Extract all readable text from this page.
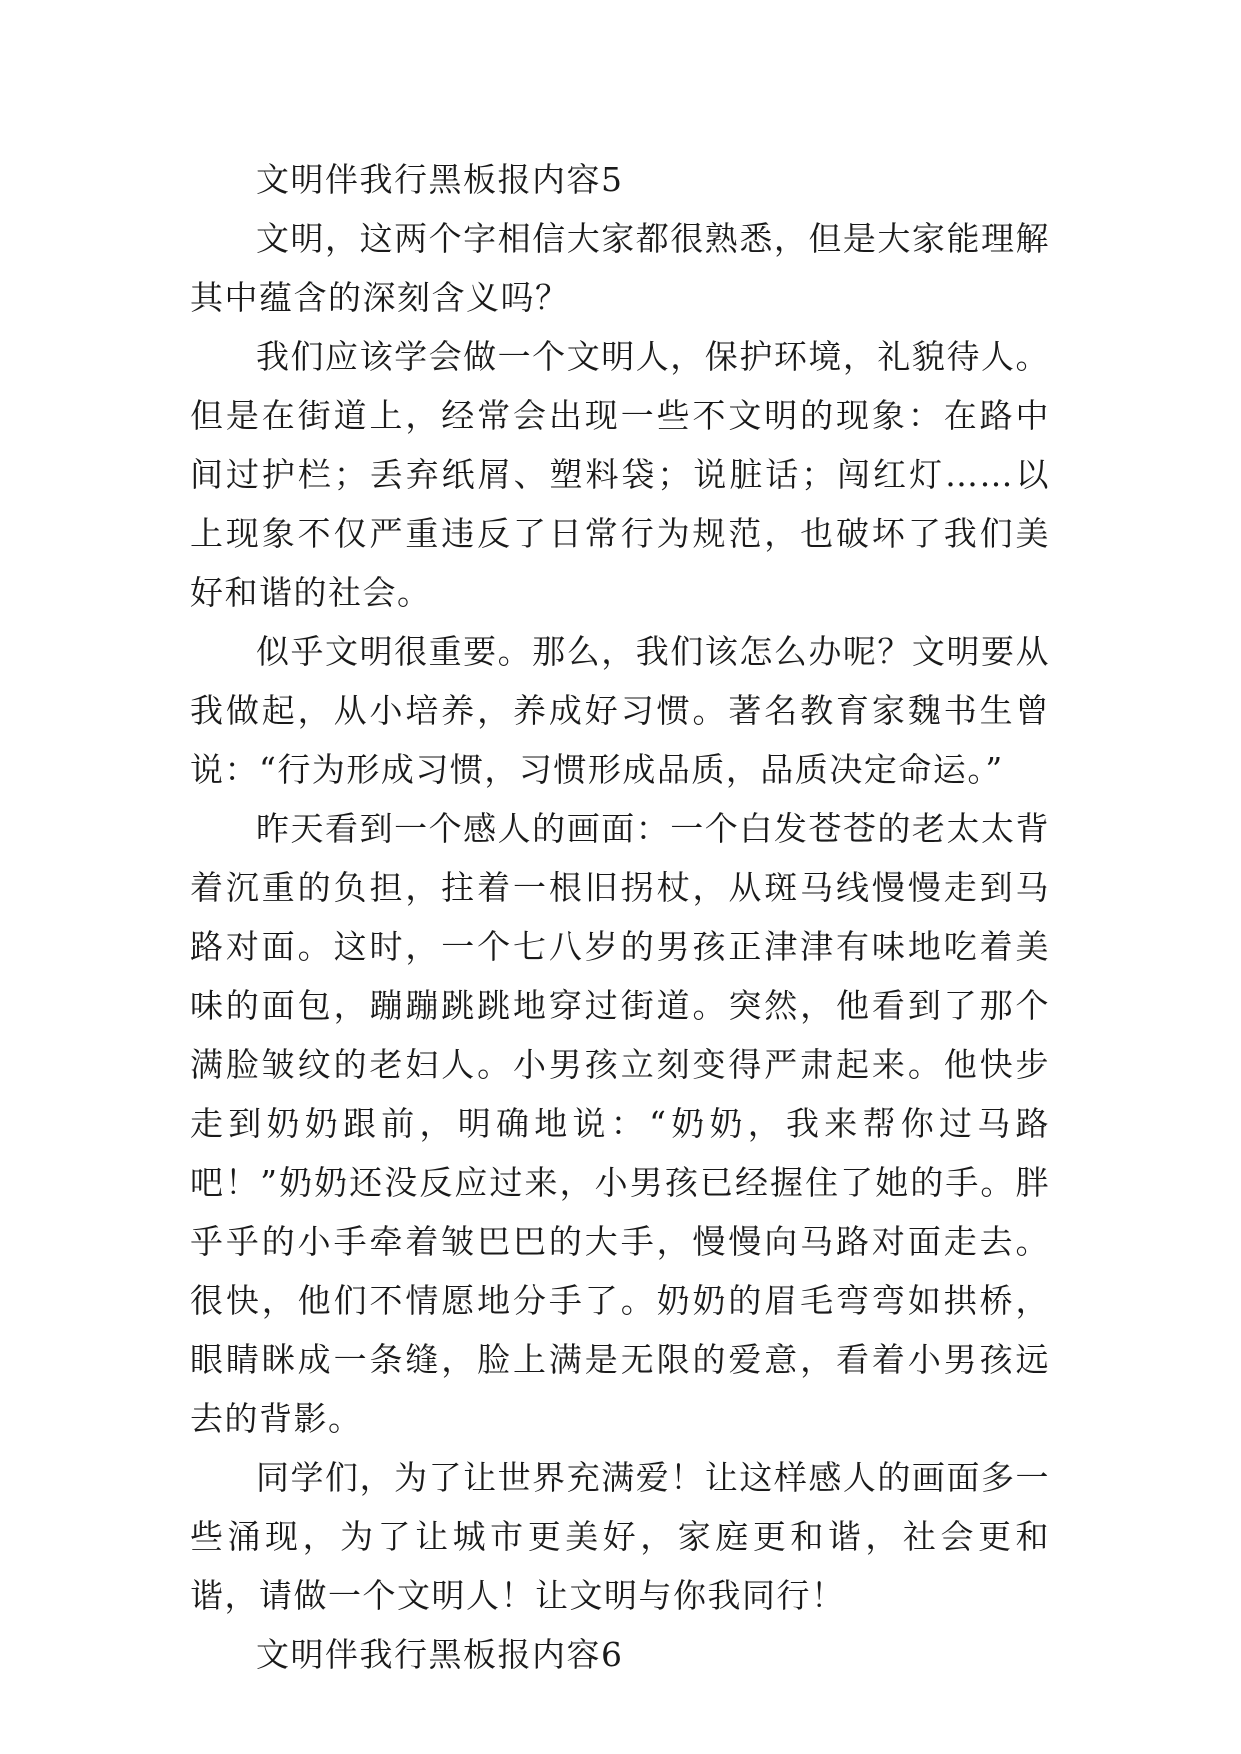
文明伴我行黑板报内容5

文明，这两个字相信大家都很熟悉，但是大家能理解其中蕴含的深刻含义吗？

我们应该学会做一个文明人，保护环境，礼貌待人。但是在街道上，经常会出现一些不文明的现象：在路中间过护栏；丢弃纸屑、塑料袋；说脏话；闯红灯……以上现象不仅严重违反了日常行为规范，也破坏了我们美好和谐的社会。

似乎文明很重要。那么，我们该怎么办呢？文明要从我做起，从小培养，养成好习惯。著名教育家魏书生曾说：“行为形成习惯，习惯形成品质，品质决定命运。”

昨天看到一个感人的画面：一个白发苍苍的老太太背着沉重的负担，拄着一根旧拐杖，从斑马线慢慢走到马路对面。这时，一个七八岁的男孩正津津有味地吃着美味的面包，蹦蹦跳跳地穿过街道。突然，他看到了那个满脸皱纹的老妇人。小男孩立刻变得严肃起来。他快步走到奶奶跟前，明确地说：“奶奶，我来帮你过马路吧！”奶奶还没反应过来，小男孩已经握住了她的手。胖乎乎的小手牵着皱巴巴的大手，慢慢向马路对面走去。很快，他们不情愿地分手了。奶奶的眉毛弯弯如拱桥，眼睛眯成一条缝，脸上满是无限的爱意，看着小男孩远去的背影。

同学们，为了让世界充满爱！让这样感人的画面多一些涌现，为了让城市更美好，家庭更和谐，社会更和谐，请做一个文明人！让文明与你我同行！

文明伴我行黑板报内容6
